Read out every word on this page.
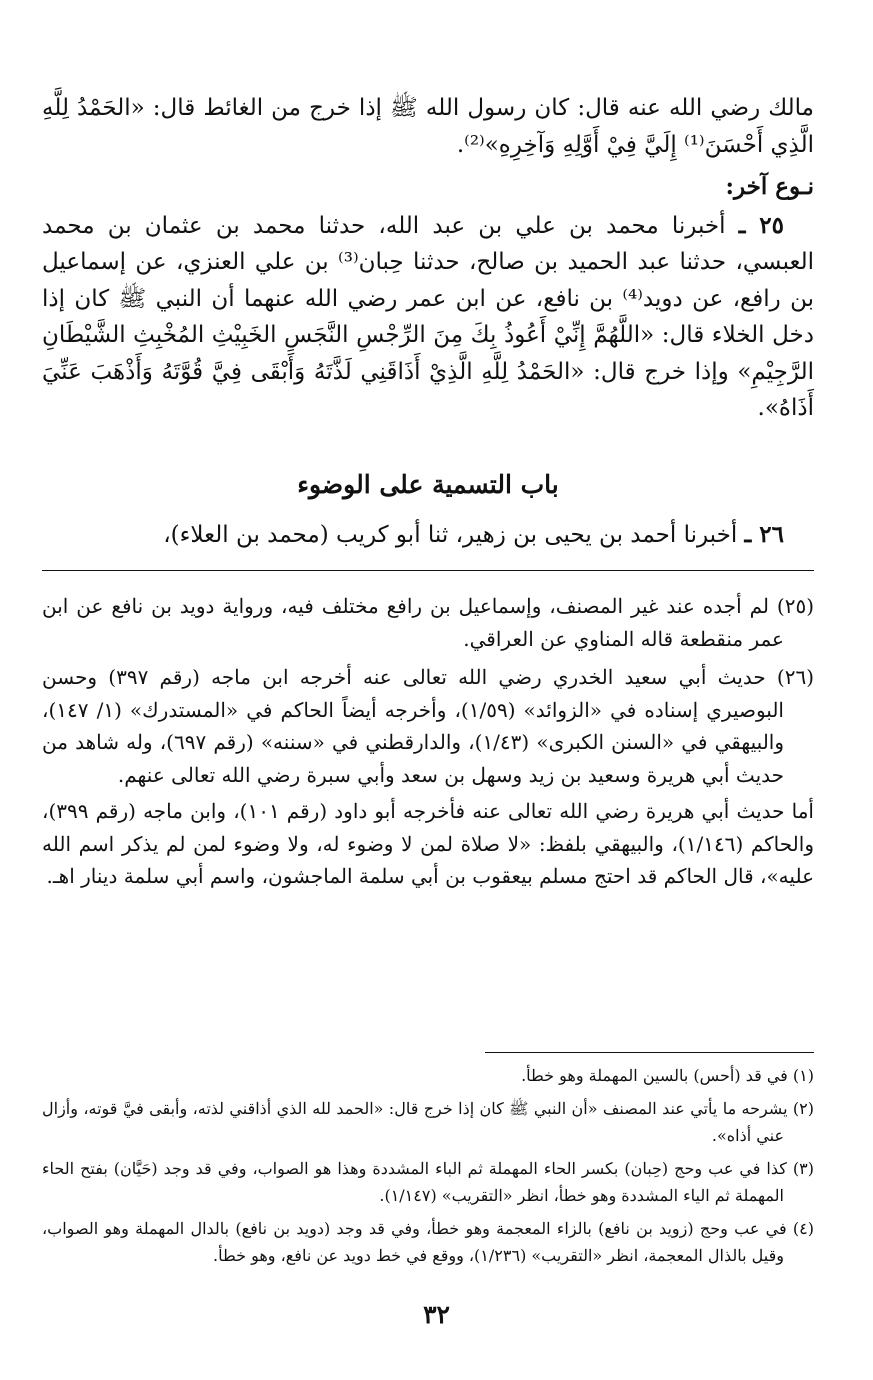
مالك رضي الله عنه قال: كان رسول الله ﷺ إذا خرج من الغائط قال: «الحَمْدُ لِلَّهِ الَّذِي أَحْسَنَ⁽¹⁾ إِلَيَّ فِيْ أَوَّلِهِ وَآخِرِهِ»⁽²⁾.

نـوع آخر:

٢٥ ـ أخبرنا محمد بن علي بن عبد الله، حدثنا محمد بن عثمان بن محمد العبسي، حدثنا عبد الحميد بن صالح، حدثنا حِبان⁽³⁾ بن علي العنزي، عن إسماعيل بن رافع، عن دويد⁽⁴⁾ بن نافع، عن ابن عمر رضي الله عنهما أن النبي ﷺ كان إذا دخل الخلاء قال: «اللَّهُمَّ إِنِّيْ أَعُوذُ بِكَ مِنَ الرِّجْسِ النَّجَسِ الخَبِيْثِ المُخْبِثِ الشَّيْطَانِ الرَّجِيْمِ» وإذا خرج قال: «الحَمْدُ لِلَّهِ الَّذِيْ أَذَاقَنِي لَذَّتَهُ وَأَبْقَى فِيَّ قُوَّتَهُ وَأَذْهَبَ عَنِّيَ أَذَاهُ».

باب التسمية على الوضوء
٢٦ ـ أخبرنا أحمد بن يحيى بن زهير، ثنا أبو كريب (محمد بن العلاء)،

(٢٥) لم أجده عند غير المصنف، وإسماعيل بن رافع مختلف فيه، ورواية دويد بن نافع عن ابن عمر منقطعة قاله المناوي عن العراقي.

(٢٦) حديث أبي سعيد الخدري رضي الله تعالى عنه أخرجه ابن ماجه (رقم ٣٩٧) وحسن البوصيري إسناده في «الزوائد» (١/٥٩)، وأخرجه أيضاً الحاكم في «المستدرك» (١/ ١٤٧)، والبيهقي في «السنن الكبرى» (١/٤٣)، والدارقطني في «سننه» (رقم ٦٩٧)، وله شاهد من حديث أبي هريرة وسعيد بن زيد وسهل بن سعد وأبي سبرة رضي الله تعالى عنهم.

أما حديث أبي هريرة رضي الله تعالى عنه فأخرجه أبو داود (رقم ١٠١)، وابن ماجه (رقم ٣٩٩)، والحاكم (١/١٤٦)، والبيهقي بلفظ: «لا صلاة لمن لا وضوء له، ولا وضوء لمن لم يذكر اسم الله عليه»، قال الحاكم قد احتج مسلم بيعقوب بن أبي سلمة الماجشون، واسم أبي سلمة دينار اهـ.

(١) في قد (أحس) بالسين المهملة وهو خطأ.

(٢) يشرحه ما يأتي عند المصنف «أن النبي ﷺ كان إذا خرج قال: «الحمد لله الذي أذاقني لذته، وأبقى فيَّ قوته، وأزال عني أذاه».

(٣) كذا في عب وحج (حِبان) بكسر الحاء المهملة ثم الباء المشددة وهذا هو الصواب، وفي قد وجد (حَيَّان) بفتح الحاء المهملة ثم الياء المشددة وهو خطأ، انظر «التقريب» (١/١٤٧).

(٤) في عب وحج (زويد بن نافع) بالزاء المعجمة وهو خطأ، وفي قد وجد (دويد بن نافع) بالدال المهملة وهو الصواب، وقيل بالذال المعجمة، انظر «التقريب» (١/٢٣٦)، ووقع في خط دويد عن نافع، وهو خطأ.

٣٢
